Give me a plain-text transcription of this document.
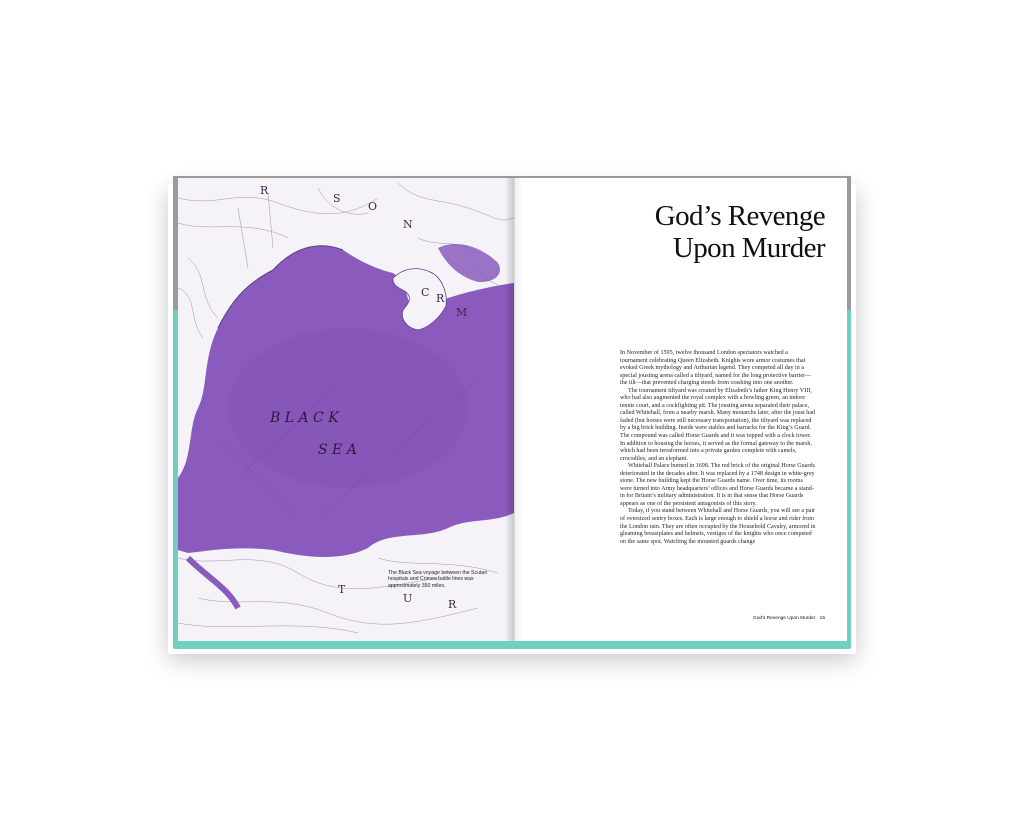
B L A C K
S E A
R
S
O
N
C R
M
T
U	R
The Black Sea voyage between the Scutari hospitals and Crimea battle lines was approximately 350 miles.
God’s Revenge
Upon Murder

In November of 1595, twelve thousand London spectators watched a tournament celebrating Queen Elizabeth. Knights wore armor costumes that evoked Greek mythology and Arthurian legend. They competed all day in a special jousting arena called a tiltyard, named for the long protective barrier—the tilt—that prevented charging steeds from crashing into one another.

The tournament tiltyard was created by Elizabeth’s father King Henry VIII, who had also augmented the royal complex with a bowling green, an indoor tennis court, and a cockfighting pit. The jousting arena separated their palace, called Whitehall, from a nearby marsh. Many monarchs later, after the joust had faded (but horses were still necessary transportation), the tiltyard was replaced by a big brick building. Inside were stables and barracks for the King’s Guard. The compound was called Horse Guards and it was topped with a clock tower. In addition to housing the horses, it served as the formal gateway to the marsh, which had been terraformed into a private garden complete with camels, crocodiles, and an elephant.

Whitehall Palace burned in 1698. The red brick of the original Horse Guards deteriorated in the decades after. It was replaced by a 1748 design in white-grey stone. The new building kept the Horse Guards name. Over time, its rooms were turned into Army headquarters’ offices and Horse Guards became a stand-in for Britain’s military administration. It is in that sense that Horse Guards appears as one of the persistent antagonists of this story.

Today, if you stand between Whitehall and Horse Guards, you will see a pair of oversized sentry boxes. Each is large enough to shield a horse and rider from the London rain. They are often occupied by the Household Cavalry, armored in gleaming breastplates and helmets, vestiges of the knights who once competed on the same spot. Watching the mounted guards change

God’s Revenge Upon Murder 15
